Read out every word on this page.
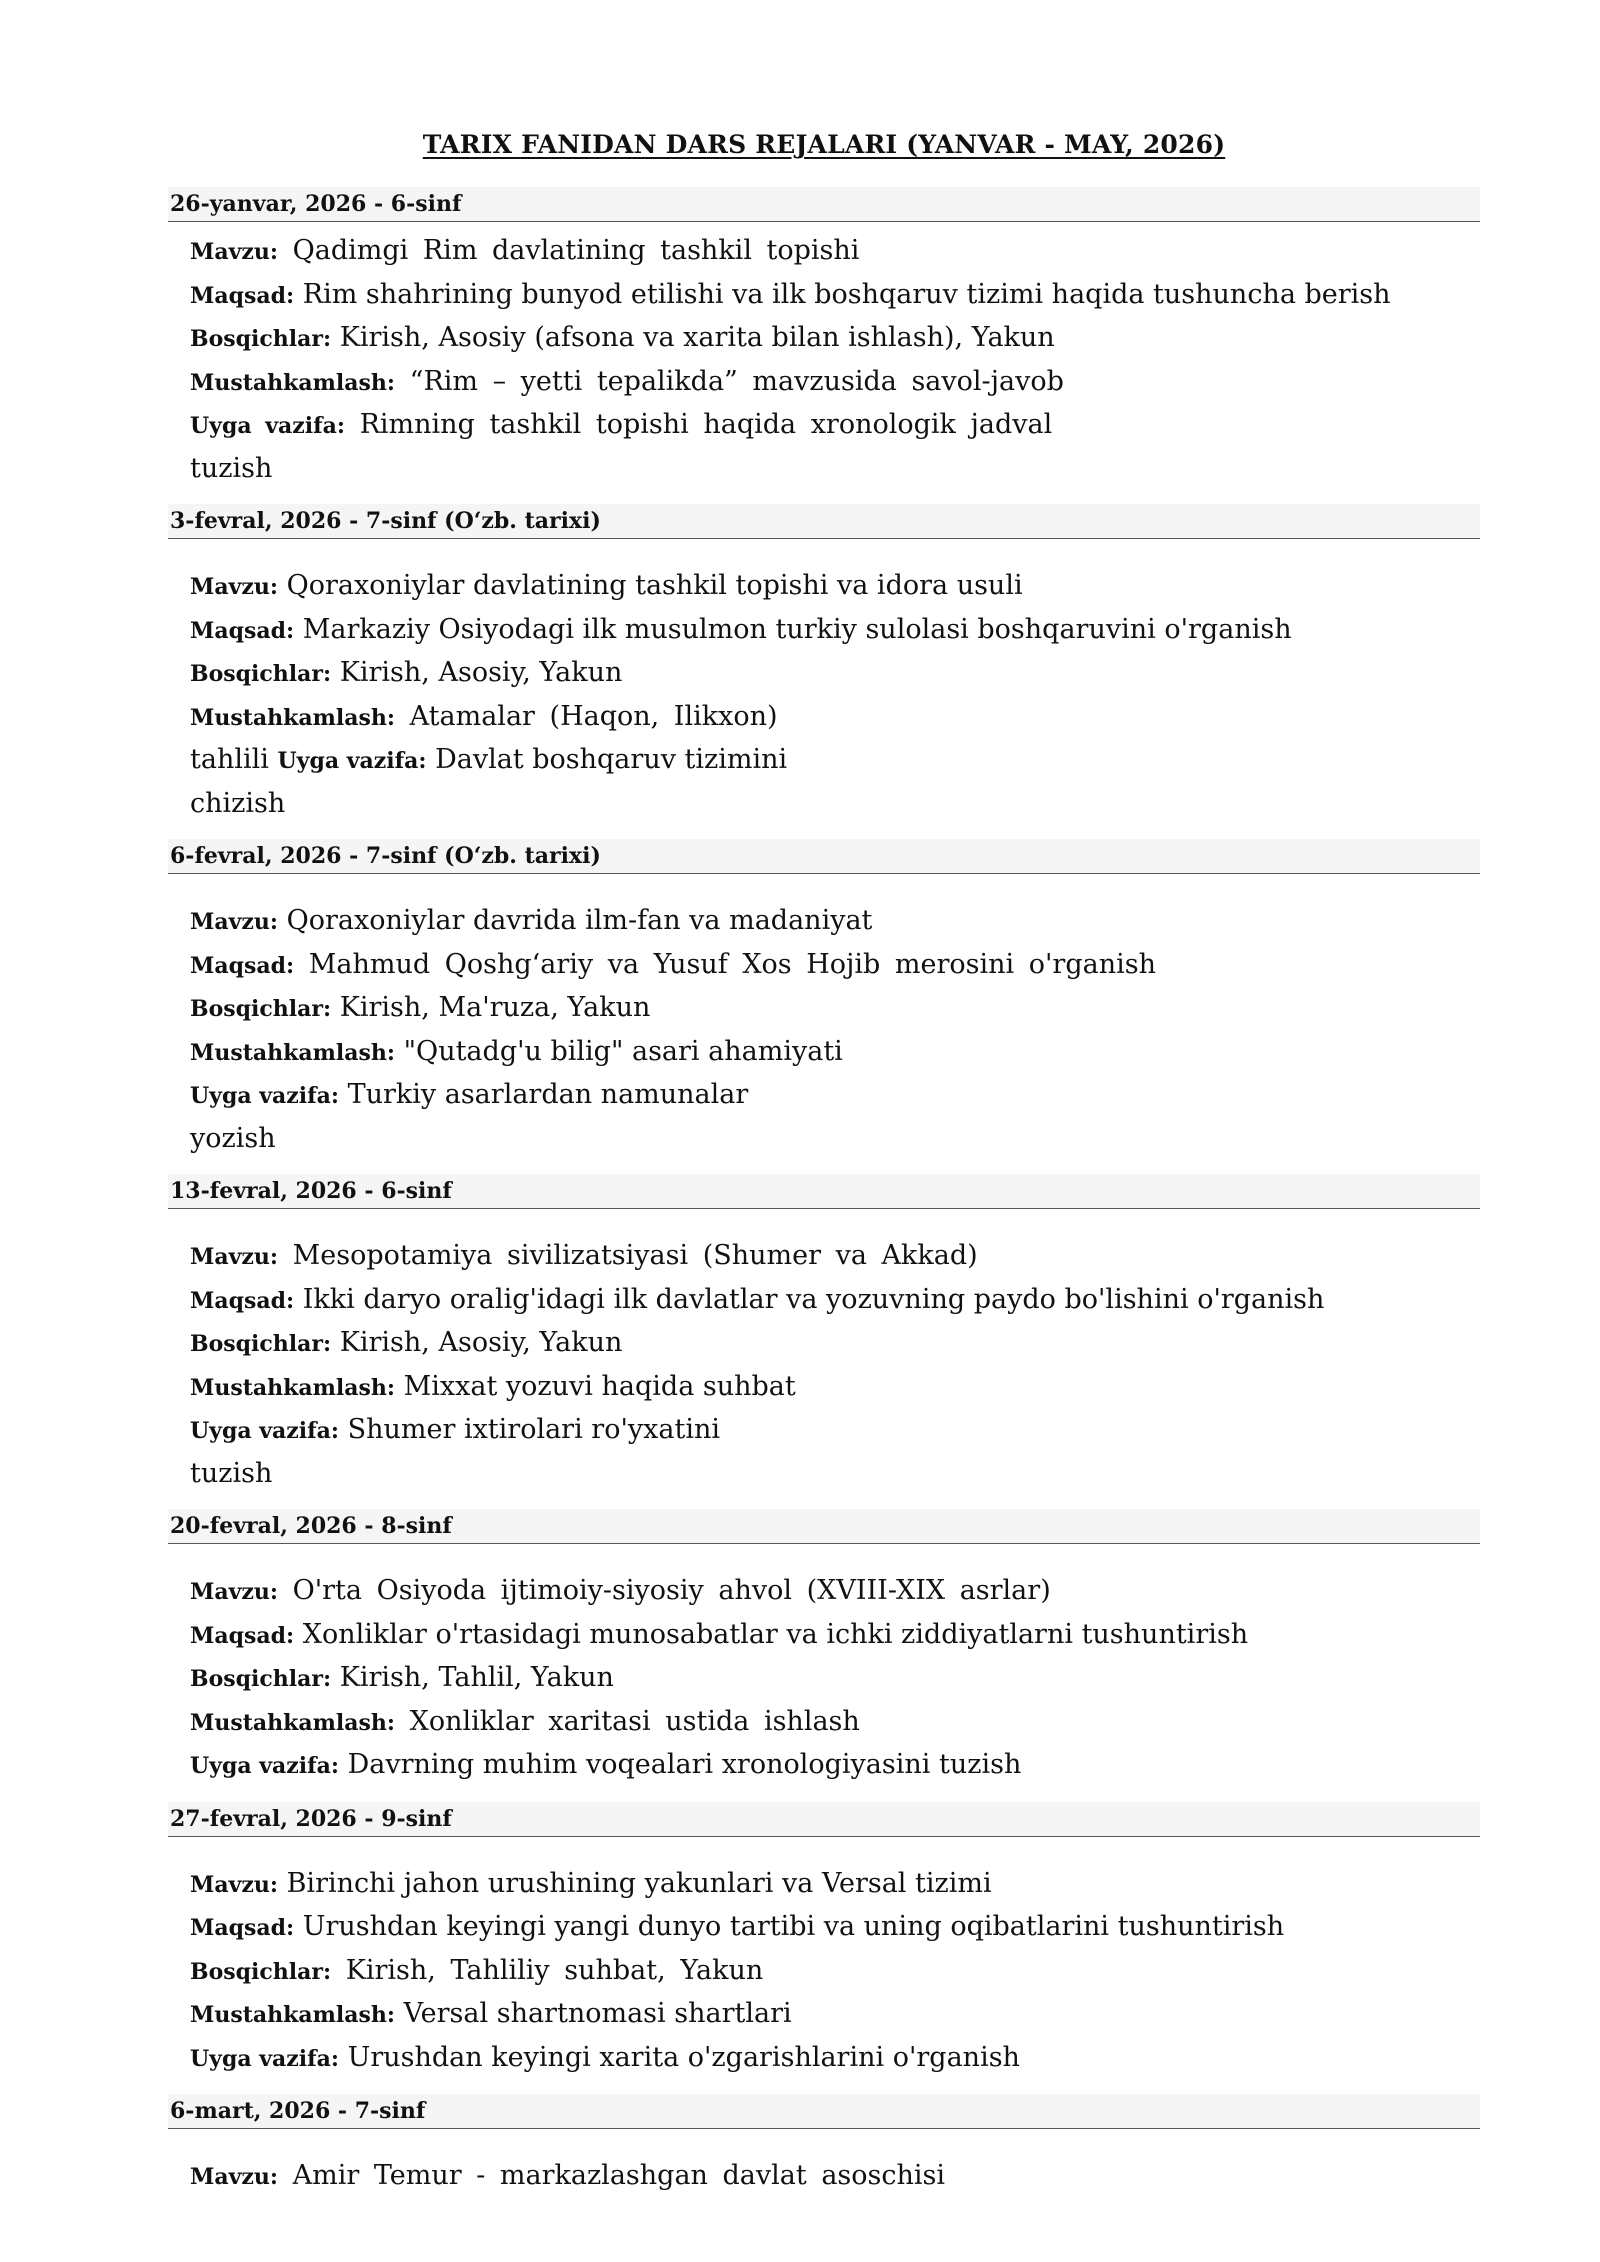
TARIX FANIDAN DARS REJALARI (YANVAR - MAY, 2026)
26-yanvar, 2026 - 6-sinf
Mavzu: Qadimgi Rim davlatining tashkil topishi
Maqsad: Rim shahrining bunyod etilishi va ilk boshqaruv tizimi haqida tushuncha berish
Bosqichlar: Kirish, Asosiy (afsona va xarita bilan ishlash), Yakun
Mustahkamlash: “Rim – yetti tepalikda” mavzusida savol-javob
Uyga vazifa: Rimning tashkil topishi haqida xronologik jadval
tuzish
3-fevral, 2026 - 7-sinf (O‘zb. tarixi)
Mavzu: Qoraxoniylar davlatining tashkil topishi va idora usuli
Maqsad: Markaziy Osiyodagi ilk musulmon turkiy sulolasi boshqaruvini o'rganish
Bosqichlar: Kirish, Asosiy, Yakun
Mustahkamlash: Atamalar (Haqon, Ilikxon)
tahlili Uyga vazifa: Davlat boshqaruv tizimini
chizish
6-fevral, 2026 - 7-sinf (O‘zb. tarixi)
Mavzu: Qoraxoniylar davrida ilm-fan va madaniyat
Maqsad: Mahmud Qoshg‘ariy va Yusuf Xos Hojib merosini o'rganish
Bosqichlar: Kirish, Ma'ruza, Yakun
Mustahkamlash: "Qutadg'u bilig" asari ahamiyati
Uyga vazifa: Turkiy asarlardan namunalar
yozish
13-fevral, 2026 - 6-sinf
Mavzu: Mesopotamiya sivilizatsiyasi (Shumer va Akkad)
Maqsad: Ikki daryo oralig'idagi ilk davlatlar va yozuvning paydo bo'lishini o'rganish
Bosqichlar: Kirish, Asosiy, Yakun
Mustahkamlash: Mixxat yozuvi haqida suhbat
Uyga vazifa: Shumer ixtirolari ro'yxatini
tuzish
20-fevral, 2026 - 8-sinf
Mavzu: O'rta Osiyoda ijtimoiy-siyosiy ahvol (XVIII-XIX asrlar)
Maqsad: Xonliklar o'rtasidagi munosabatlar va ichki ziddiyatlarni tushuntirish
Bosqichlar: Kirish, Tahlil, Yakun
Mustahkamlash: Xonliklar xaritasi ustida ishlash
Uyga vazifa: Davrning muhim voqealari xronologiyasini tuzish
27-fevral, 2026 - 9-sinf
Mavzu: Birinchi jahon urushining yakunlari va Versal tizimi
Maqsad: Urushdan keyingi yangi dunyo tartibi va uning oqibatlarini tushuntirish
Bosqichlar: Kirish, Tahliliy suhbat, Yakun
Mustahkamlash: Versal shartnomasi shartlari
Uyga vazifa: Urushdan keyingi xarita o'zgarishlarini o'rganish
6-mart, 2026 - 7-sinf
Mavzu: Amir Temur - markazlashgan davlat asoschisi
